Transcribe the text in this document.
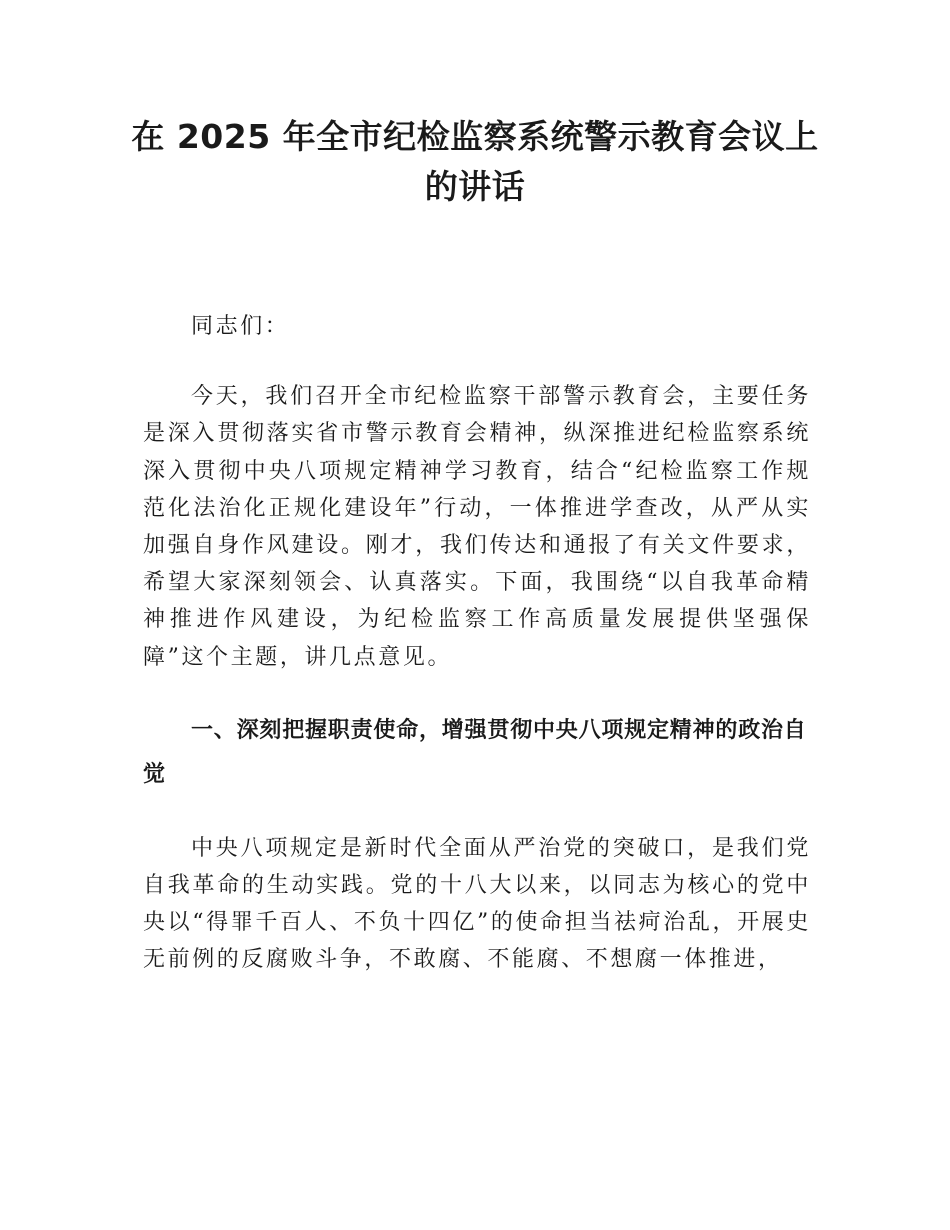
在 2025 年全市纪检监察系统警示教育会议上
的讲话

同志们：

今天，我们召开全市纪检监察干部警示教育会，主要任务是深入贯彻落实省市警示教育会精神，纵深推进纪检监察系统深入贯彻中央八项规定精神学习教育，结合“纪检监察工作规范化法治化正规化建设年”行动，一体推进学查改，从严从实加强自身作风建设。刚才，我们传达和通报了有关文件要求，希望大家深刻领会、认真落实。下面，我围绕“以自我革命精神推进作风建设，为纪检监察工作高质量发展提供坚强保障”这个主题，讲几点意见。

一、深刻把握职责使命，增强贯彻中央八项规定精神的政治自觉

中央八项规定是新时代全面从严治党的突破口，是我们党自我革命的生动实践。党的十八大以来，以同志为核心的党中央以“得罪千百人、不负十四亿”的使命担当祛疴治乱，开展史无前例的反腐败斗争，不敢腐、不能腐、不想腐一体推进，
